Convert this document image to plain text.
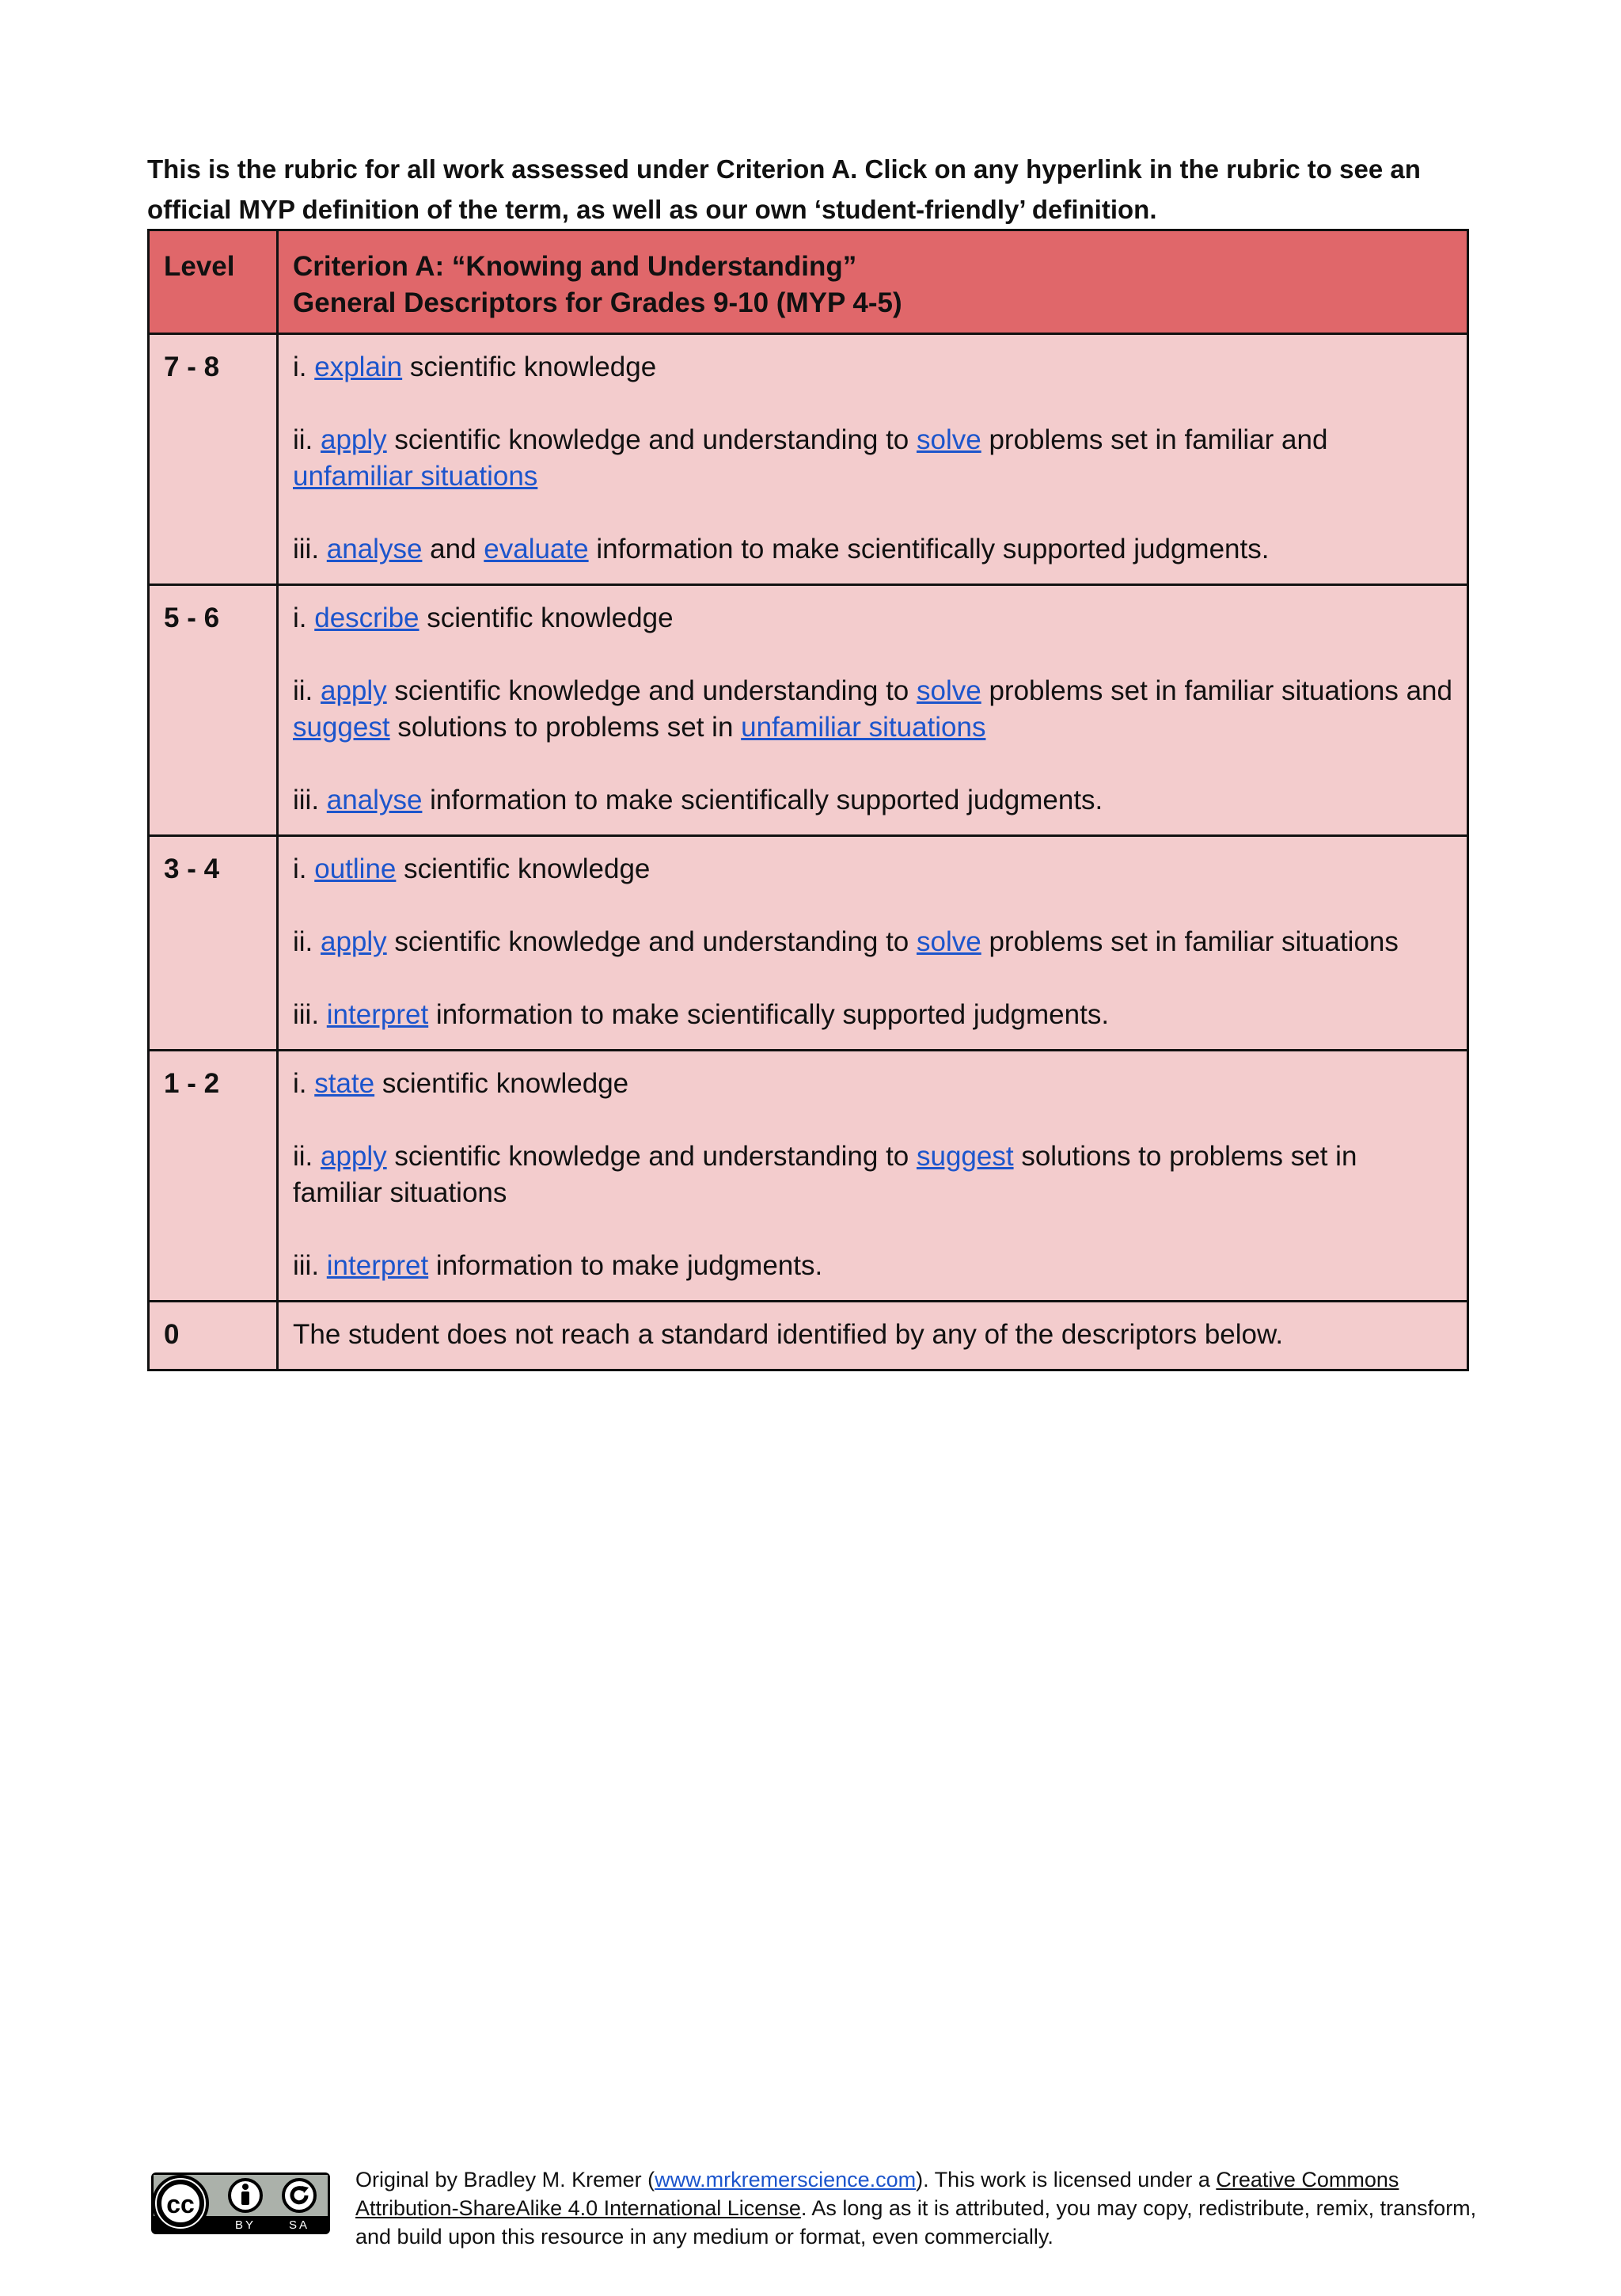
This is the rubric for all work assessed under Criterion A. Click on any hyperlink in the rubric to see an official MYP definition of the term, as well as our own ‘student-friendly’ definition.

Level	Criterion A: “Knowing and Understanding”
General Descriptors for Grades 9-10 (MYP 4-5)

7 - 8	i. explain scientific knowledge

ii. apply scientific knowledge and understanding to solve problems set in familiar and unfamiliar situations

iii. analyse and evaluate information to make scientifically supported judgments.

5 - 6	i. describe scientific knowledge

ii. apply scientific knowledge and understanding to solve problems set in familiar situations and suggest solutions to problems set in unfamiliar situations

iii. analyse information to make scientifically supported judgments.

3 - 4	i. outline scientific knowledge

ii. apply scientific knowledge and understanding to solve problems set in familiar situations

iii. interpret information to make scientifically supported judgments.

1 - 2	i. state scientific knowledge

ii. apply scientific knowledge and understanding to suggest solutions to problems set in familiar situations

iii. interpret information to make judgments.

0	The student does not reach a standard identified by any of the descriptors below.

cc
BY	SA

Original by Bradley M. Kremer (www.mrkremerscience.com). This work is licensed under a Creative Commons Attribution-ShareAlike 4.0 International License. As long as it is attributed, you may copy, redistribute, remix, transform, and build upon this resource in any medium or format, even commercially.
